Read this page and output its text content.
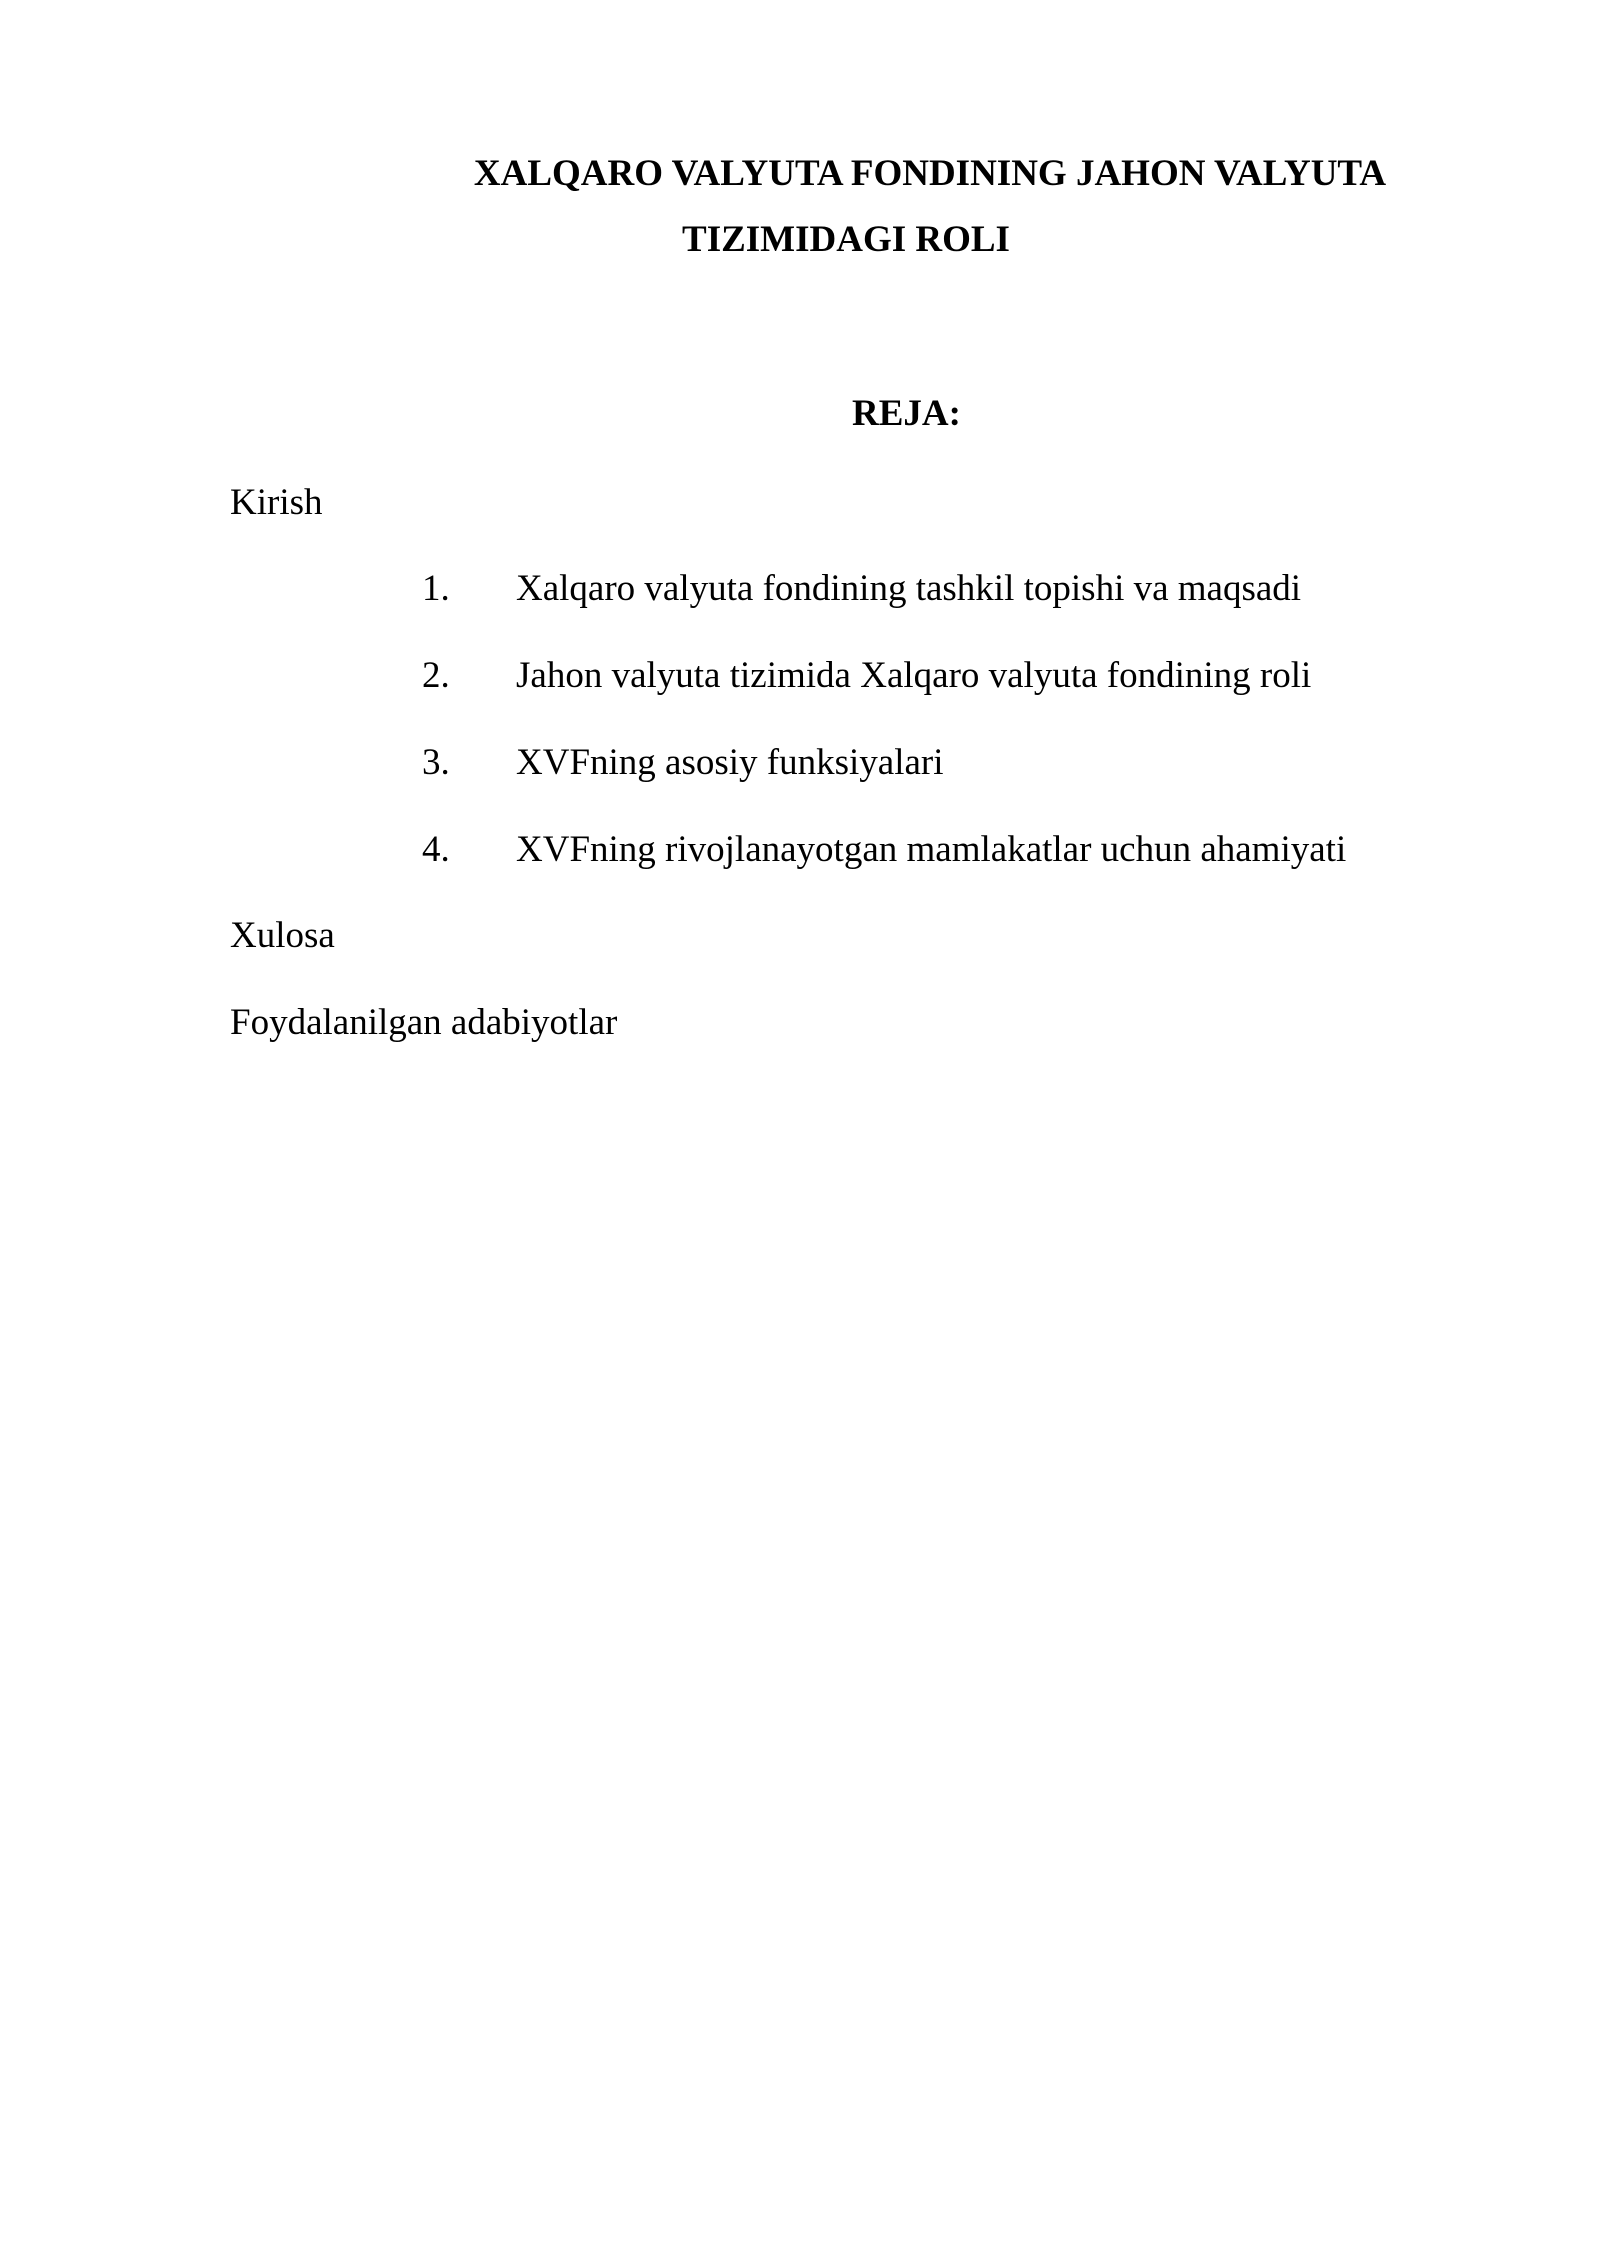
XALQARO VALYUTA FONDINING JAHON VALYUTA
TIZIMIDAGI ROLI
REJA:
Kirish
1. Xalqaro valyuta fondining tashkil topishi va maqsadi
2. Jahon valyuta tizimida Xalqaro valyuta fondining roli
3. XVFning asosiy funksiyalari
4. XVFning rivojlanayotgan mamlakatlar uchun ahamiyati
Xulosa
Foydalanilgan adabiyotlar
